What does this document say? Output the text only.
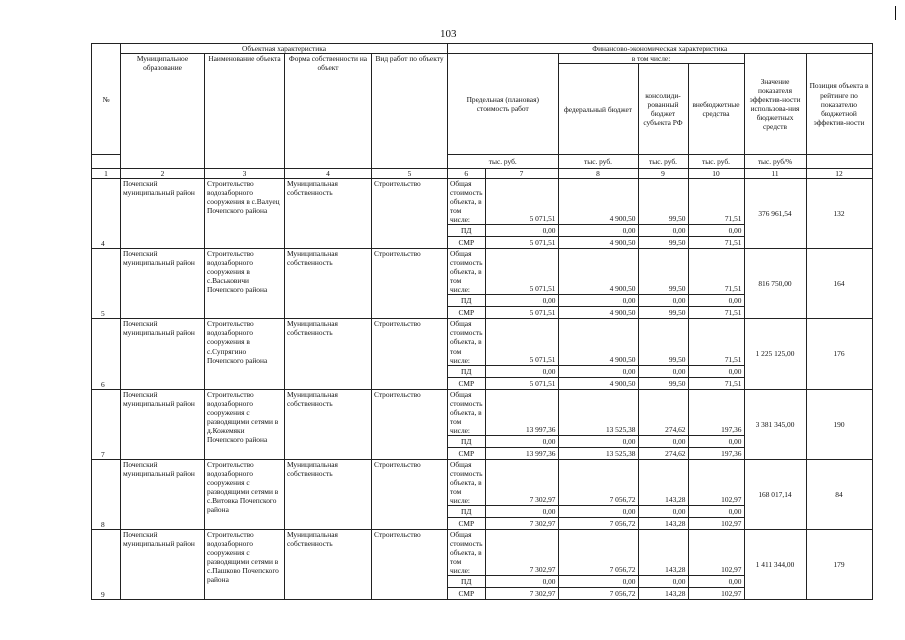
103
№	Объектная характеристика				Финансово-экономическая характеристика						
	Муниципальное образование	Наименование объекта	Форма собственности на объект	Вид работ по объекту	Предельная (плановая) стоимость работ		в том числе:			Значение показателя эффектив-ности использова-ния бюджетных средств	Позиция объекта в рейтинге по показателю бюджетной эффектив-ности
							федеральный бюджет	консолиди-рованный бюджет субъекта РФ	внебюджетные средства		
					тыс. руб.		тыс. руб.	тыс. руб.	тыс. руб.	тыс. руб/%	
1	2	3	4	5	6	7	8	9	10	11	12
4	Почепский муниципальный район	Строительство водозаборного сооружения в с.Валуец Почепского района	Муниципальная собственность	Строительство	Общая стоимость объекта, в том числе:	5 071,51	4 900,50	99,50	71,51	376 961,54	132
					ПД	0,00	0,00	0,00	0,00		
					СМР	5 071,51	4 900,50	99,50	71,51		
5	Почепский муниципальный район	Строительство водозаборного сооружения в с.Васьковичи Почепского района	Муниципальная собственность	Строительство	Общая стоимость объекта, в том числе:	5 071,51	4 900,50	99,50	71,51	816 750,00	164
					ПД	0,00	0,00	0,00	0,00		
					СМР	5 071,51	4 900,50	99,50	71,51		
6	Почепский муниципальный район	Строительство водозаборного сооружения в с.Супрягино Почепского района	Муниципальная собственность	Строительство	Общая стоимость объекта, в том числе:	5 071,51	4 900,50	99,50	71,51	1 225 125,00	176
					ПД	0,00	0,00	0,00	0,00		
					СМР	5 071,51	4 900,50	99,50	71,51		
7	Почепский муниципальный район	Строительство водозаборного сооружения с разводящими сетями в д.Кожемяки Почепского района	Муниципальная собственность	Строительство	Общая стоимость объекта, в том числе:	13 997,36	13 525,38	274,62	197,36	3 381 345,00	190
					ПД	0,00	0,00	0,00	0,00		
					СМР	13 997,36	13 525,38	274,62	197,36		
8	Почепский муниципальный район	Строительство водозаборного сооружения с разводящими сетями в с.Витовка Почепского района	Муниципальная собственность	Строительство	Общая стоимость объекта, в том числе:	7 302,97	7 056,72	143,28	102,97	168 017,14	84
					ПД	0,00	0,00	0,00	0,00		
					СМР	7 302,97	7 056,72	143,28	102,97		
9	Почепский муниципальный район	Строительство водозаборного сооружения с разводящими сетями в с.Пашково Почепского района	Муниципальная собственность	Строительство	Общая стоимость объекта, в том числе:	7 302,97	7 056,72	143,28	102,97	1 411 344,00	179
					ПД	0,00	0,00	0,00	0,00		
					СМР	7 302,97	7 056,72	143,28	102,97		
